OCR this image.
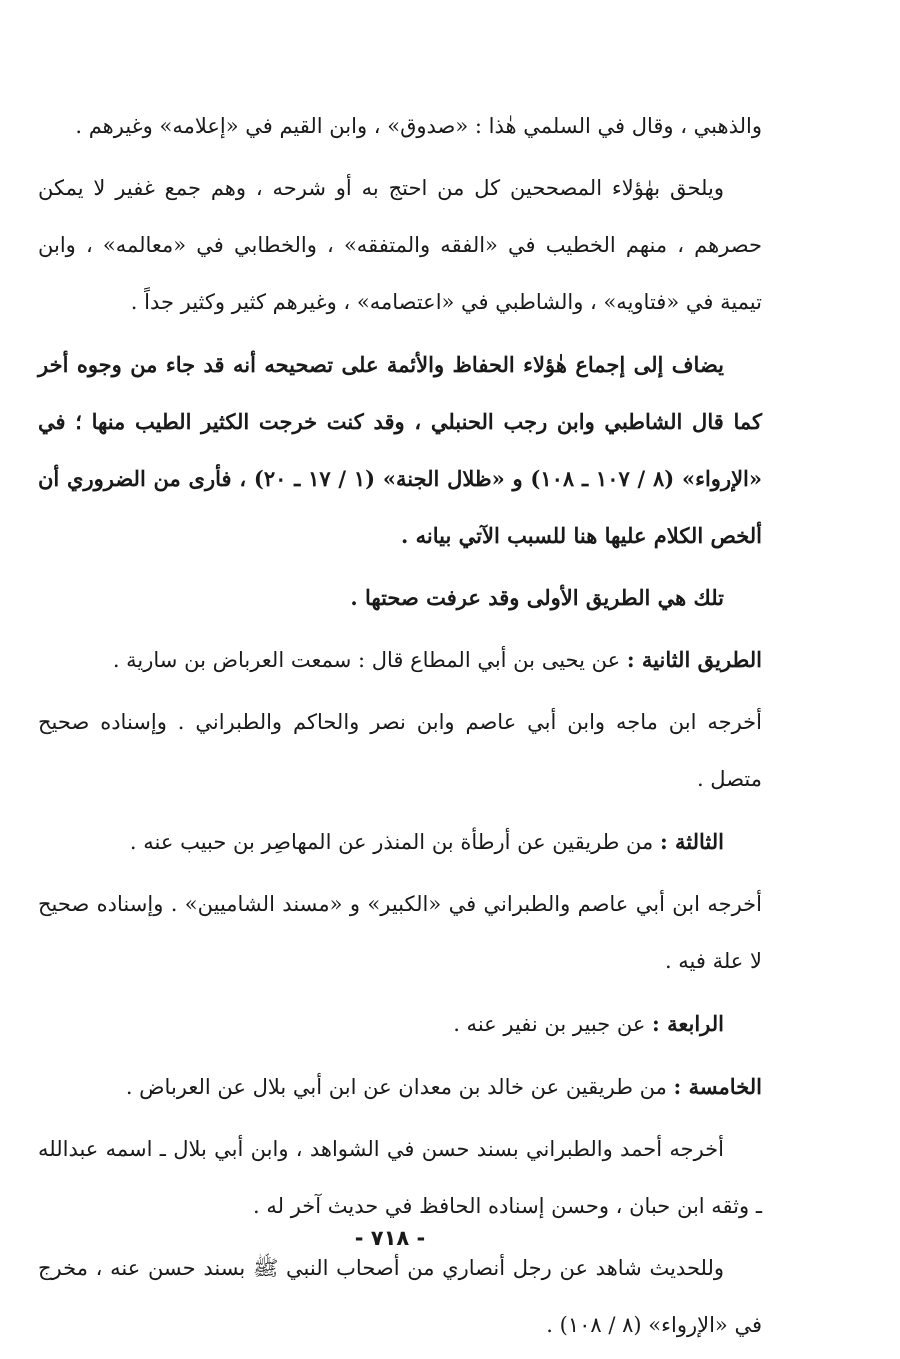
والذهبي ، وقال في السلمي هٰذا : «صدوق» ، وابن القيم في «إعلامه» وغيرهم .

ويلحق بهٰؤلاء المصححين كل من احتج به أو شرحه ، وهم جمع غفير لا يمكن حصرهم ، منهم الخطيب في «الفقه والمتفقه» ، والخطابي في «معالمه» ، وابن تيمية في «فتاويه» ، والشاطبي في «اعتصامه» ، وغيرهم كثير وكثير جداً .

يضاف إلى إجماع هٰؤلاء الحفاظ والأئمة على تصحيحه أنه قد جاء من وجوه أخر كما قال الشاطبي وابن رجب الحنبلي ، وقد كنت خرجت الكثير الطيب منها ؛ في «الإرواء» (٨ / ١٠٧ ـ ١٠٨) و «ظلال الجنة» (١ / ١٧ ـ ٢٠) ، فأرى من الضروري أن ألخص الكلام عليها هنا للسبب الآتي بيانه .

تلك هي الطريق الأولى وقد عرفت صحتها .

الطريق الثانية : عن يحيى بن أبي المطاع قال : سمعت العرباض بن سارية .

أخرجه ابن ماجه وابن أبي عاصم وابن نصر والحاكم والطبراني . وإسناده صحيح متصل .

الثالثة : من طريقين عن أرطأة بن المنذر عن المهاصِر بن حبيب عنه .

أخرجه ابن أبي عاصم والطبراني في «الكبير» و «مسند الشاميين» . وإسناده صحيح لا علة فيه .

الرابعة : عن جبير بن نفير عنه .

الخامسة : من طريقين عن خالد بن معدان عن ابن أبي بلال عن العرباض .

أخرجه أحمد والطبراني بسند حسن في الشواهد ، وابن أبي بلال ـ اسمه عبدالله ـ وثقه ابن حبان ، وحسن إسناده الحافظ في حديث آخر له .

وللحديث شاهد عن رجل أنصاري من أصحاب النبي ﷺ بسند حسن عنه ، مخرج في «الإرواء» (٨ / ١٠٨) .

- ٧١٨ -
